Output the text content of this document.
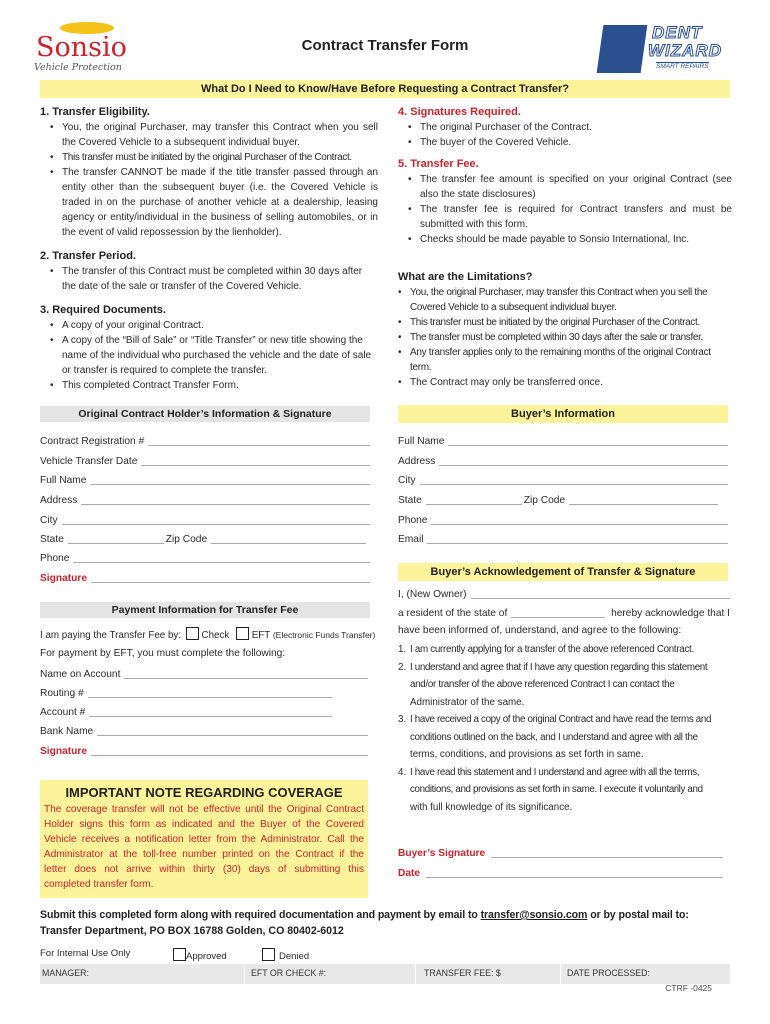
Sonsio
Vehicle Protection
Contract Transfer Form
DENT
WIZARD
SMART REPAIRS
What Do I Need to Know/Have Before Requesting a Contract Transfer?
1. Transfer Eligibility.
• You, the original Purchaser, may transfer this Contract when you sell the Covered Vehicle to a subsequent individual buyer.
• This transfer must be initiated by the original Purchaser of the Contract.
• The transfer CANNOT be made if the title transfer passed through an entity other than the subsequent buyer (i.e. the Covered Vehicle is traded in on the purchase of another vehicle at a dealership, leasing agency or entity/individual in the business of selling automobiles, or in the event of valid repossession by the lienholder).
2. Transfer Period.
• The transfer of this Contract must be completed within 30 days after the date of the sale or transfer of the Covered Vehicle.
3. Required Documents.
• A copy of your original Contract.
• A copy of the “Bill of Sale” or “Title Transfer” or new title showing the name of the individual who purchased the vehicle and the date of sale or transfer is required to complete the transfer.
• This completed Contract Transfer Form.
4. Signatures Required.
• The original Purchaser of the Contract.
• The buyer of the Covered Vehicle.
5. Transfer Fee.
• The transfer fee amount is specified on your original Contract (see also the state disclosures)
• The transfer fee is required for Contract transfers and must be submitted with this form.
• Checks should be made payable to Sonsio International, Inc.
What are the Limitations?
• You, the original Purchaser, may transfer this Contract when you sell the Covered Vehicle to a subsequent individual buyer.
• This transfer must be initiated by the original Purchaser of the Contract.
• The transfer must be completed within 30 days after the sale or transfer.
• Any transfer applies only to the remaining months of the original Contract term.
• The Contract may only be transferred once.
Original Contract Holder’s Information & Signature
Contract Registration #
Vehicle Transfer Date
Full Name
Address
City
State	Zip Code
Phone
Signature
Buyer’s Information
Full Name
Address
City
State	Zip Code
Phone
Email
Payment Information for Transfer Fee
I am paying the Transfer Fee by: Check EFT (Electronic Funds Transfer)
For payment by EFT, you must complete the following:
Name on Account
Routing #
Account #
Bank Name
Signature
IMPORTANT NOTE REGARDING COVERAGE
The coverage transfer will not be effective until the Original Contract
Holder signs this form as indicated and the Buyer of the Covered
Vehicle receives a notification letter from the Administrator. Call the
Administrator at the toll-free number printed on the Contract if the
letter does not arrive within thirty (30) days of submitting this
completed transfer form.
Buyer’s Acknowledgement of Transfer & Signature
I, (New Owner)
a resident of the state of	hereby acknowledge that I
have been informed of, understand, and agree to the following:
1. I am currently applying for a transfer of the above referenced Contract.
2. I understand and agree that if I have any question regarding this statement
and/or transfer of the above referenced Contract I can contact the
Administrator of the same.
3. I have received a copy of the original Contract and have read the terms and
conditions outlined on the back, and I understand and agree with all the
terms, conditions, and provisions as set forth in same.
4. I have read this statement and I understand and agree with all the terms,
conditions, and provisions as set forth in same. I execute it voluntarily and
with full knowledge of its significance.
Buyer’s Signature
Date
Submit this completed form along with required documentation and payment by email to transfer@sonsio.com or by postal mail to:
Transfer Department, PO BOX 16788 Golden, CO 80402-6012
For Internal Use Only	Approved	Denied
MANAGER:	EFT OR CHECK #:	TRANSFER FEE: $	DATE PROCESSED:
CTRF -0425
